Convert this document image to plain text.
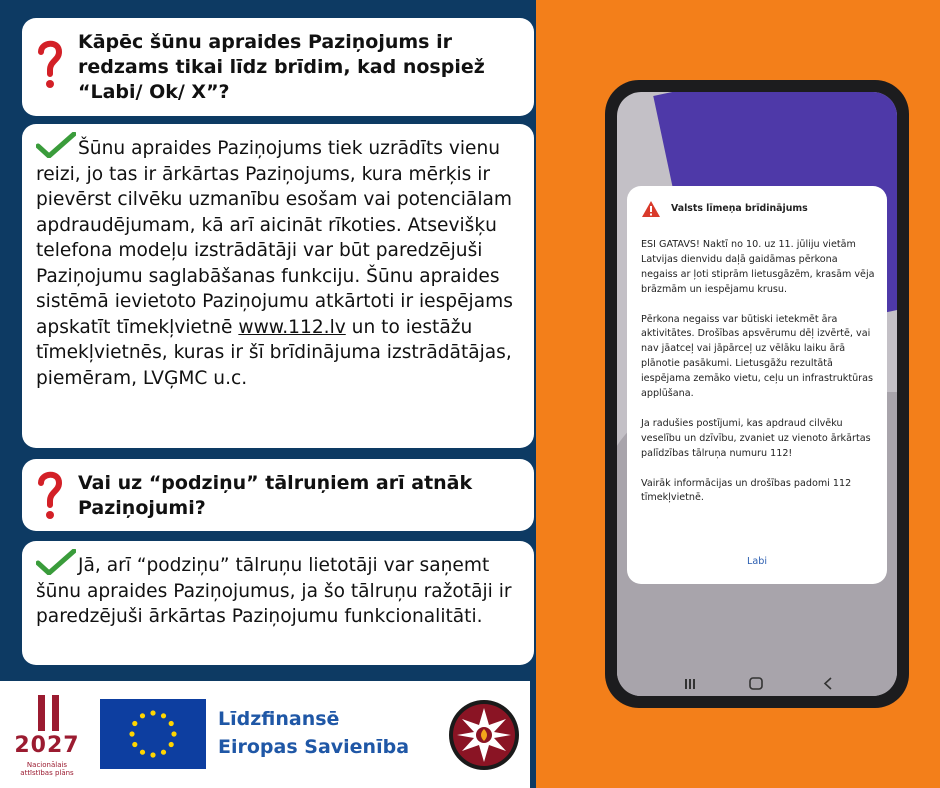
Kāpēc šūnu apraides Paziņojums ir redzams tikai līdz brīdim, kad nospiež “Labi/ Ok/ X”?
Šūnu apraides Paziņojums tiek uzrādīts vienu reizi, jo tas ir ārkārtas Paziņojums, kura mērķis ir pievērst cilvēku uzmanību esošam vai potenciālam apdraudējumam, kā arī aicināt rīkoties. Atsevišķu telefona modeļu izstrādātāji var būt paredzējuši Paziņojumu saglabāšanas funkciju. Šūnu apraides sistēmā ievietoto Paziņojumu atkārtoti ir iespējams apskatīt tīmekļvietnē www.112.lv un to iestāžu tīmekļvietnēs, kuras ir šī brīdinājuma izstrādātājas, piemēram, LVĢMC u.c.
Vai uz “podziņu” tālruņiem arī atnāk Paziņojumi?
Jā, arī “podziņu” tālruņu lietotāji var saņemt šūnu apraides Paziņojumus, ja šo tālruņu ražotāji ir paredzējuši ārkārtas Paziņojumu funkcionalitāti.
2027
Nacionālais attīstības plāns
Līdzfinansē
Eiropas Savienība
Valsts līmeņa brīdinājums
ESI GATAVS! Naktī no 10. uz 11. jūliju vietām Latvijas dienvidu daļā gaidāmas pērkona negaiss ar ļoti stiprām lietusgāzēm, krasām vēja brāzmām un iespējamu krusu.

Pērkona negaiss var būtiski ietekmēt āra aktivitātes. Drošības apsvērumu dēļ izvērtē, vai nav jāatceļ vai jāpārceļ uz vēlāku laiku ārā plānotie pasākumi. Lietusgāžu rezultātā iespējama zemāko vietu, ceļu un infrastruktūras applūšana.

Ja radušies postījumi, kas apdraud cilvēku veselību un dzīvību, zvaniet uz vienoto ārkārtas palīdzības tālruņa numuru 112!

Vairāk informācijas un drošības padomi 112 tīmekļvietnē.
Labi
